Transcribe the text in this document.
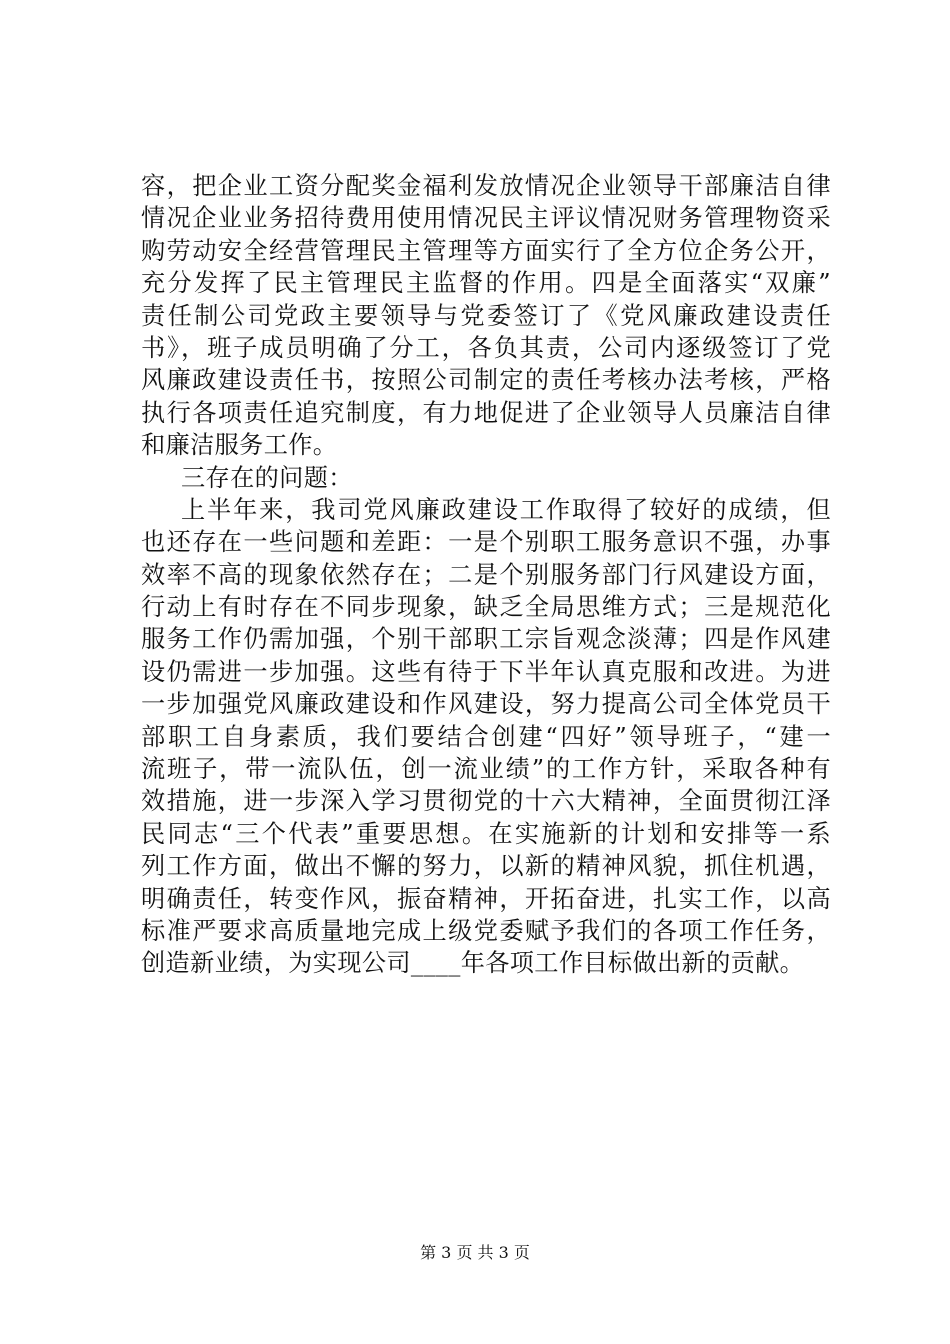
容，把企业工资分配奖金福利发放情况企业领导干部廉洁自律
情况企业业务招待费用使用情况民主评议情况财务管理物资采
购劳动安全经营管理民主管理等方面实行了全方位企务公开，
充分发挥了民主管理民主监督的作用。四是全面落实“双廉”
责任制公司党政主要领导与党委签订了《党风廉政建设责任
书》，班子成员明确了分工，各负其责，公司内逐级签订了党
风廉政建设责任书，按照公司制定的责任考核办法考核，严格
执行各项责任追究制度，有力地促进了企业领导人员廉洁自律
和廉洁服务工作。
三存在的问题：
上半年来，我司党风廉政建设工作取得了较好的成绩，但
也还存在一些问题和差距：一是个别职工服务意识不强，办事
效率不高的现象依然存在；二是个别服务部门行风建设方面，
行动上有时存在不同步现象，缺乏全局思维方式；三是规范化
服务工作仍需加强，个别干部职工宗旨观念淡薄；四是作风建
设仍需进一步加强。这些有待于下半年认真克服和改进。为进
一步加强党风廉政建设和作风建设，努力提高公司全体党员干
部职工自身素质，我们要结合创建“四好”领导班子，“建一
流班子，带一流队伍，创一流业绩”的工作方针，采取各种有
效措施，进一步深入学习贯彻党的十六大精神，全面贯彻江泽
民同志“三个代表”重要思想。在实施新的计划和安排等一系
列工作方面，做出不懈的努力，以新的精神风貌，抓住机遇，
明确责任，转变作风，振奋精神，开拓奋进，扎实工作，以高
标准严要求高质量地完成上级党委赋予我们的各项工作任务，
创造新业绩，为实现公司____年各项工作目标做出新的贡献。
第 3 页 共 3 页
